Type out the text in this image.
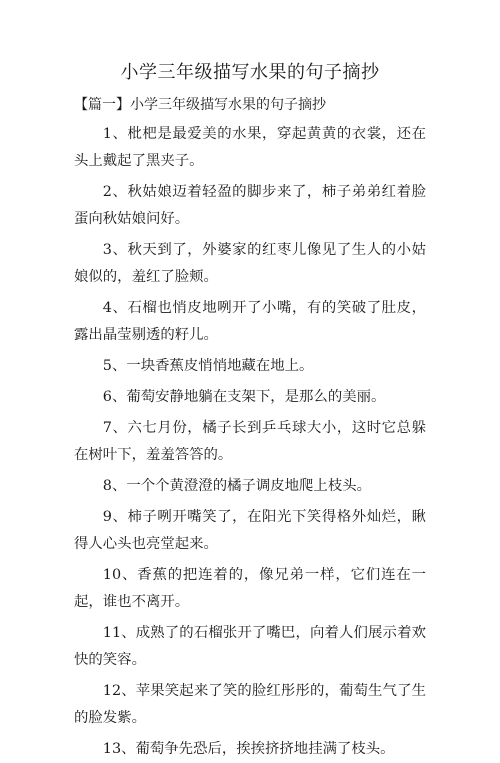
小学三年级描写水果的句子摘抄
【篇一】小学三年级描写水果的句子摘抄

1、枇杷是最爱美的水果，穿起黄黄的衣裳，还在头上戴起了黑夹子。

2、秋姑娘迈着轻盈的脚步来了，柿子弟弟红着脸蛋向秋姑娘问好。

3、秋天到了，外婆家的红枣儿像见了生人的小姑娘似的，羞红了脸颊。

4、石榴也悄皮地咧开了小嘴，有的笑破了肚皮，露出晶莹剔透的籽儿。

5、一块香蕉皮悄悄地藏在地上。

6、葡萄安静地躺在支架下，是那么的美丽。

7、六七月份，橘子长到乒乓球大小，这时它总躲在树叶下，羞羞答答的。

8、一个个黄澄澄的橘子调皮地爬上枝头。

9、柿子咧开嘴笑了，在阳光下笑得格外灿烂，瞅得人心头也亮堂起来。

10、香蕉的把连着的，像兄弟一样，它们连在一起，谁也不离开。

11、成熟了的石榴张开了嘴巴，向着人们展示着欢快的笑容。

12、苹果笑起来了笑的脸红彤彤的，葡萄生气了生的脸发紫。

13、葡萄争先恐后，挨挨挤挤地挂满了枝头。
